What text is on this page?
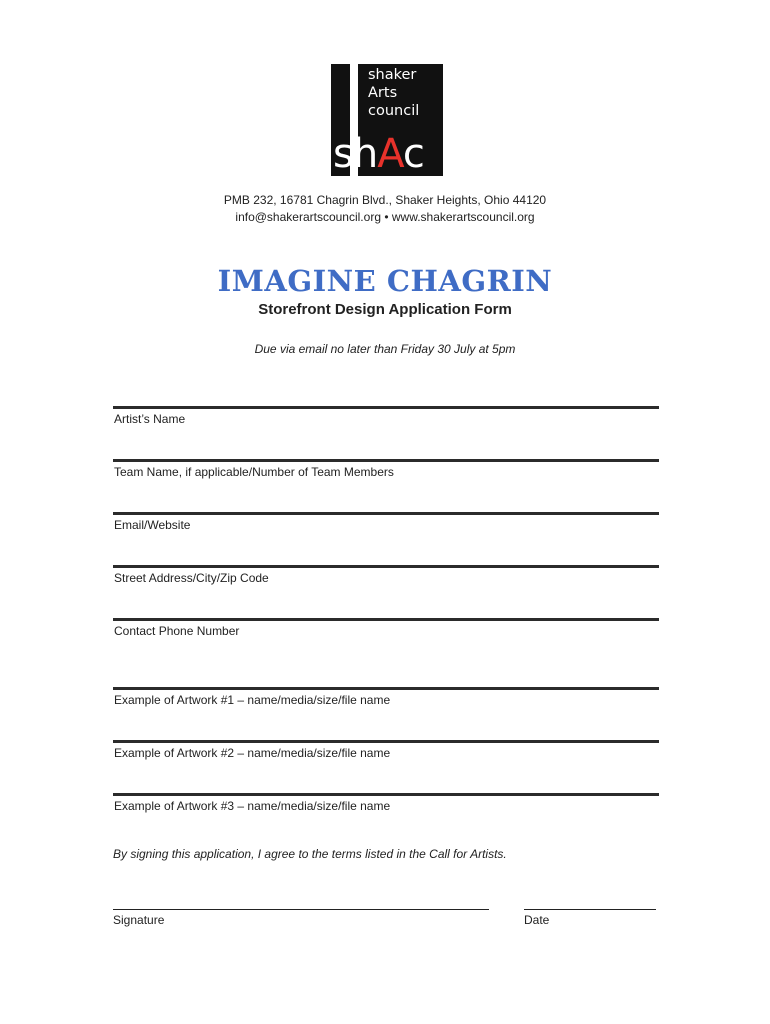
shaker
Arts
council
shAc
PMB 232, 16781 Chagrin Blvd., Shaker Heights, Ohio 44120
info@shakerartscouncil.org • www.shakerartscouncil.org
IMAGINE CHAGRIN
Storefront Design Application Form
Due via email no later than Friday 30 July at 5pm
Artist’s Name
Team Name, if applicable/Number of Team Members
Email/Website
Street Address/City/Zip Code
Contact Phone Number
Example of Artwork #1 – name/media/size/file name
Example of Artwork #2 – name/media/size/file name
Example of Artwork #3 – name/media/size/file name
By signing this application, I agree to the terms listed in the Call for Artists.
Signature	Date
